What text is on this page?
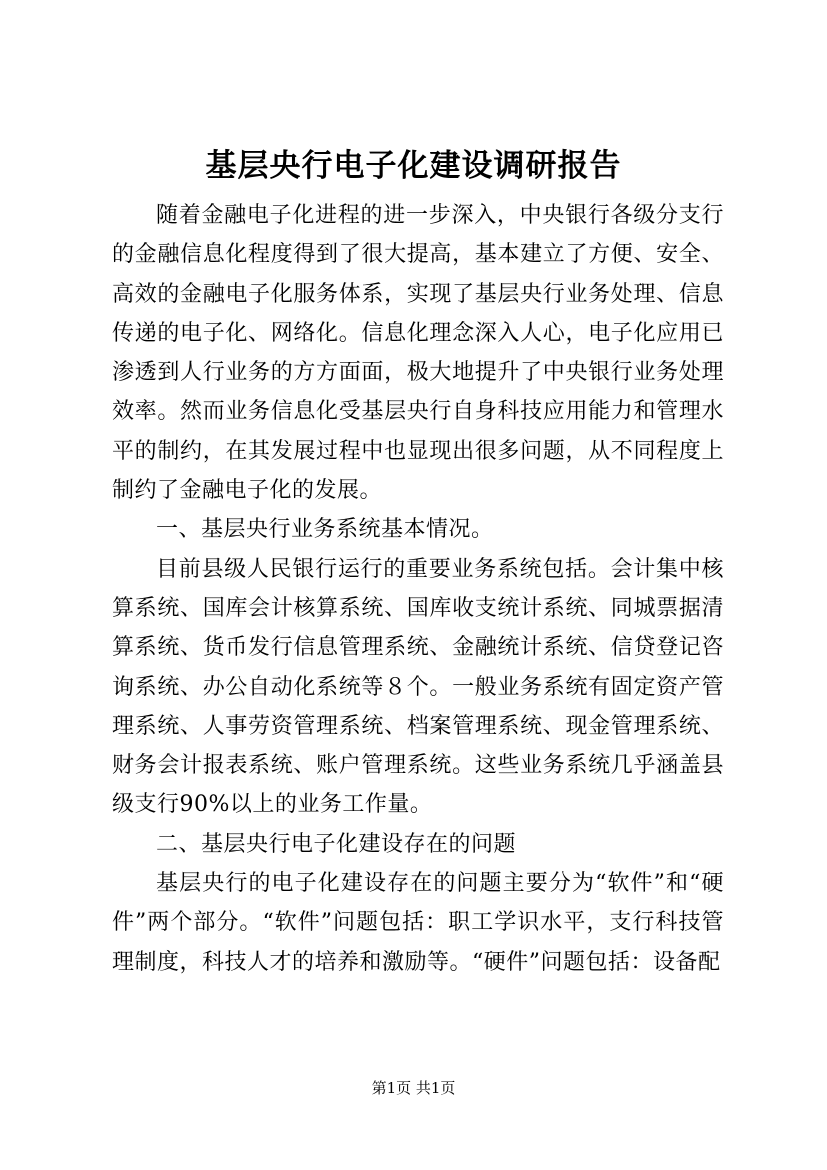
基层央行电子化建设调研报告

随着金融电子化进程的进一步深入，中央银行各级分支行的金融信息化程度得到了很大提高，基本建立了方便、安全、高效的金融电子化服务体系，实现了基层央行业务处理、信息传递的电子化、网络化。信息化理念深入人心，电子化应用已渗透到人行业务的方方面面，极大地提升了中央银行业务处理效率。然而业务信息化受基层央行自身科技应用能力和管理水平的制约，在其发展过程中也显现出很多问题，从不同程度上制约了金融电子化的发展。

一、基层央行业务系统基本情况。

目前县级人民银行运行的重要业务系统包括。会计集中核算系统、国库会计核算系统、国库收支统计系统、同城票据清算系统、货币发行信息管理系统、金融统计系统、信贷登记咨询系统、办公自动化系统等８个。一般业务系统有固定资产管理系统、人事劳资管理系统、档案管理系统、现金管理系统、财务会计报表系统、账户管理系统。这些业务系统几乎涵盖县级支行90%以上的业务工作量。

二、基层央行电子化建设存在的问题

基层央行的电子化建设存在的问题主要分为“软件”和“硬件”两个部分。“软件”问题包括：职工学识水平，支行科技管理制度，科技人才的培养和激励等。“硬件”问题包括：设备配

第1页 共1页
